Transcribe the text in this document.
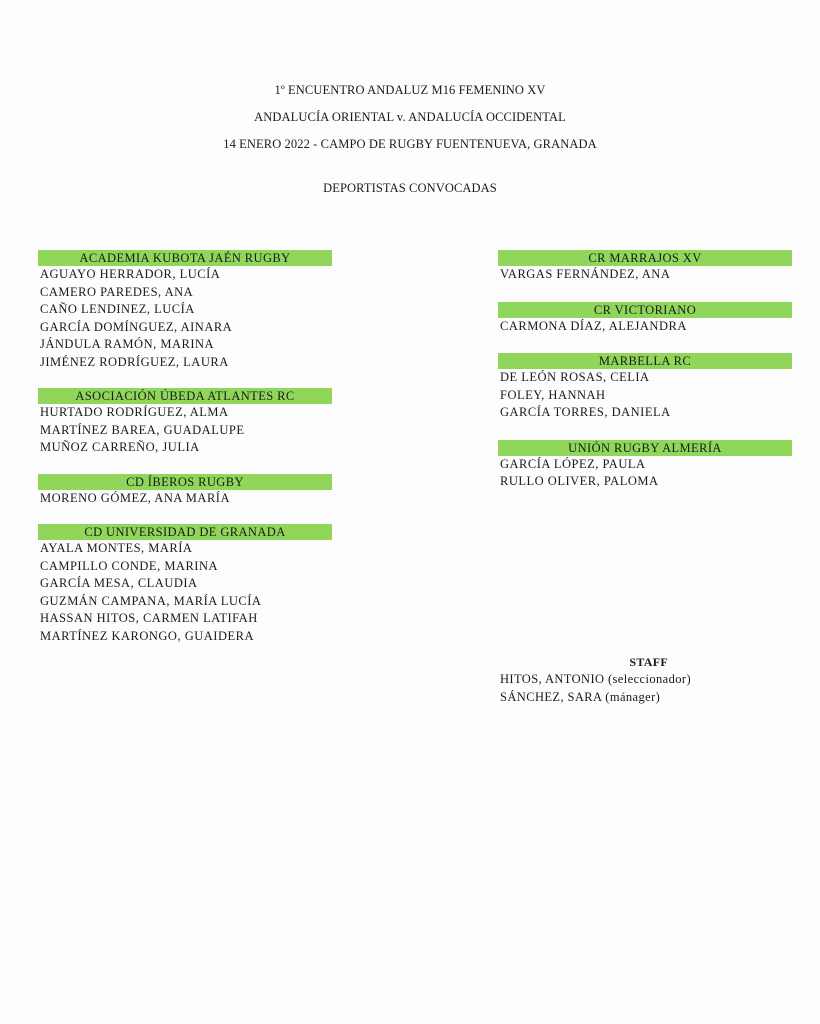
1º ENCUENTRO ANDALUZ M16 FEMENINO XV
ANDALUCÍA ORIENTAL v. ANDALUCÍA OCCIDENTAL
14 ENERO 2022 - CAMPO DE RUGBY FUENTENUEVA, GRANADA
DEPORTISTAS CONVOCADAS
ACADEMIA KUBOTA JAÉN RUGBY
AGUAYO HERRADOR, LUCÍA
CAMERO PAREDES, ANA
CAÑO LENDINEZ, LUCÍA
GARCÍA DOMÍNGUEZ, AINARA
JÁNDULA RAMÓN, MARINA
JIMÉNEZ RODRÍGUEZ, LAURA
ASOCIACIÓN ÚBEDA ATLANTES RC
HURTADO RODRÍGUEZ, ALMA
MARTÍNEZ BAREA, GUADALUPE
MUÑOZ CARREÑO, JULIA
CD ÍBEROS RUGBY
MORENO GÓMEZ, ANA MARÍA
CD UNIVERSIDAD DE GRANADA
AYALA MONTES, MARÍA
CAMPILLO CONDE, MARINA
GARCÍA MESA, CLAUDIA
GUZMÁN CAMPANA, MARÍA LUCÍA
HASSAN HITOS, CARMEN LATIFAH
MARTÍNEZ KARONGO, GUAIDERA
CR MARRAJOS XV
VARGAS FERNÁNDEZ, ANA
CR VICTORIANO
CARMONA DÍAZ, ALEJANDRA
MARBELLA RC
DE LEÓN ROSAS, CELIA
FOLEY, HANNAH
GARCÍA TORRES, DANIELA
UNIÓN RUGBY ALMERÍA
GARCÍA LÓPEZ, PAULA
RULLO OLIVER, PALOMA
STAFF
HITOS, ANTONIO (seleccionador)
SÁNCHEZ, SARA (mánager)
